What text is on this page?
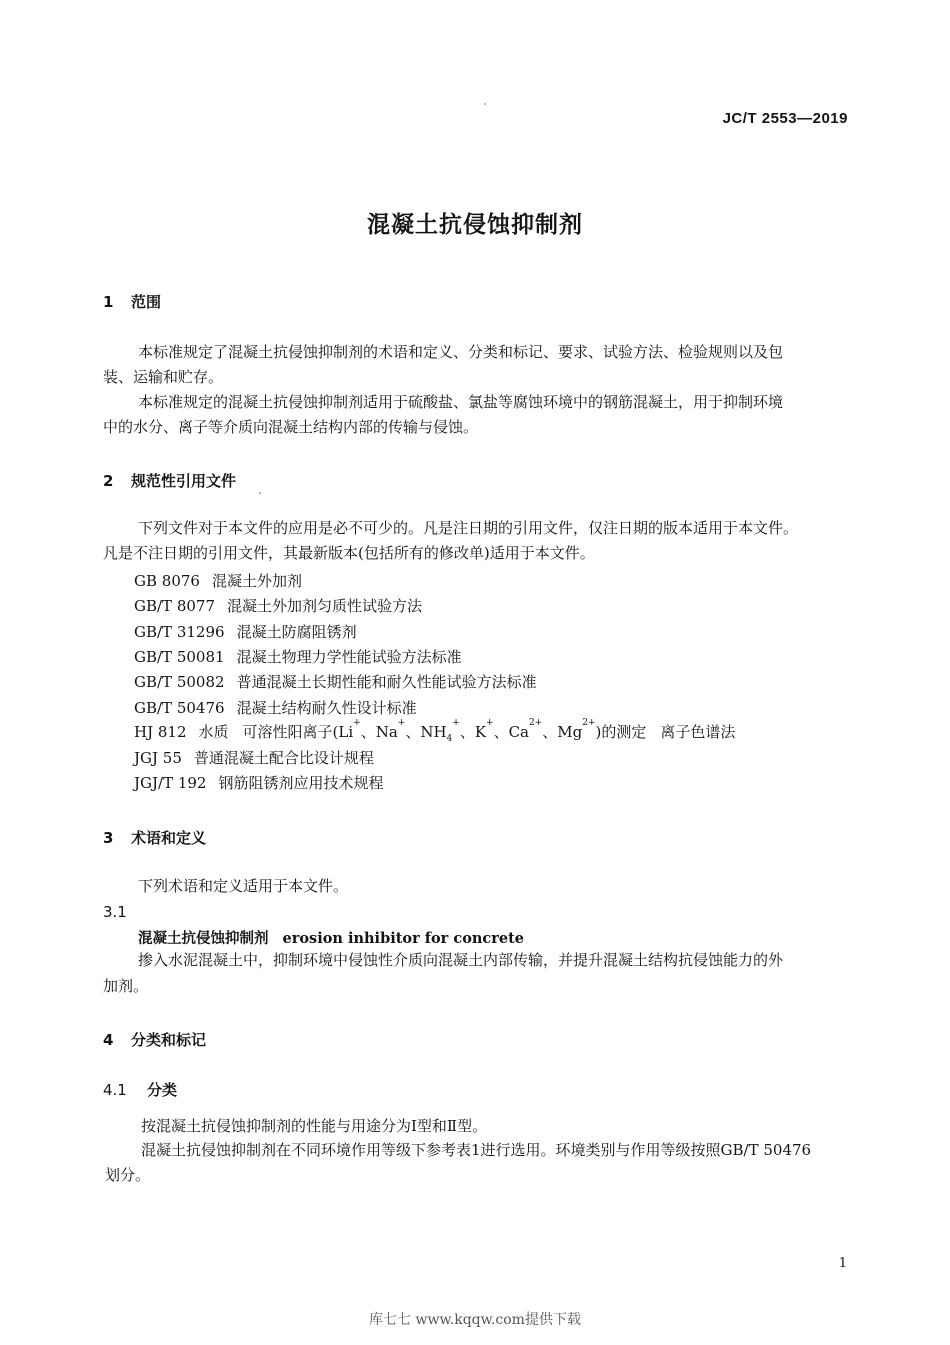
JC/T 2553—2019
混凝土抗侵蚀抑制剂
1 范围
本标准规定了混凝土抗侵蚀抑制剂的术语和定义、分类和标记、要求、试验方法、检验规则以及包
装、运输和贮存。
本标准规定的混凝土抗侵蚀抑制剂适用于硫酸盐、氯盐等腐蚀环境中的钢筋混凝土，用于抑制环境
中的水分、离子等介质向混凝土结构内部的传输与侵蚀。
2 规范性引用文件 .
下列文件对于本文件的应用是必不可少的。凡是注日期的引用文件，仅注日期的版本适用于本文件。
凡是不注日期的引用文件，其最新版本(包括所有的修改单)适用于本文件。
GB 8076 混凝土外加剂
GB/T 8077 混凝土外加剂匀质性试验方法
GB/T 31296 混凝土防腐阻锈剂
GB/T 50081 混凝土物理力学性能试验方法标准
GB/T 50082 普通混凝土长期性能和耐久性能试验方法标准
GB/T 50476 混凝土结构耐久性设计标准
HJ 812 水质 可溶性阳离子(Li+、Na+、$NH_4^+$、K+、$Ca^{2+}$、$Mg^{2+}$)的测定 离子色谱法
JGJ 55 普通混凝土配合比设计规程
JGJ/T 192 钢筋阻锈剂应用技术规程
3 术语和定义
下列术语和定义适用于本文件。
3.1
混凝土抗侵蚀抑制剂 erosion inhibitor for concrete
掺入水泥混凝土中，抑制环境中侵蚀性介质向混凝土内部传输，并提升混凝土结构抗侵蚀能力的外
加剂。
4 分类和标记
4.1 分类
按混凝土抗侵蚀抑制剂的性能与用途分为Ⅰ型和Ⅱ型。
混凝土抗侵蚀抑制剂在不同环境作用等级下参考表1进行选用。环境类别与作用等级按照GB/T 50476
划分。
1
库七七 www.kqqw.com提供下载
